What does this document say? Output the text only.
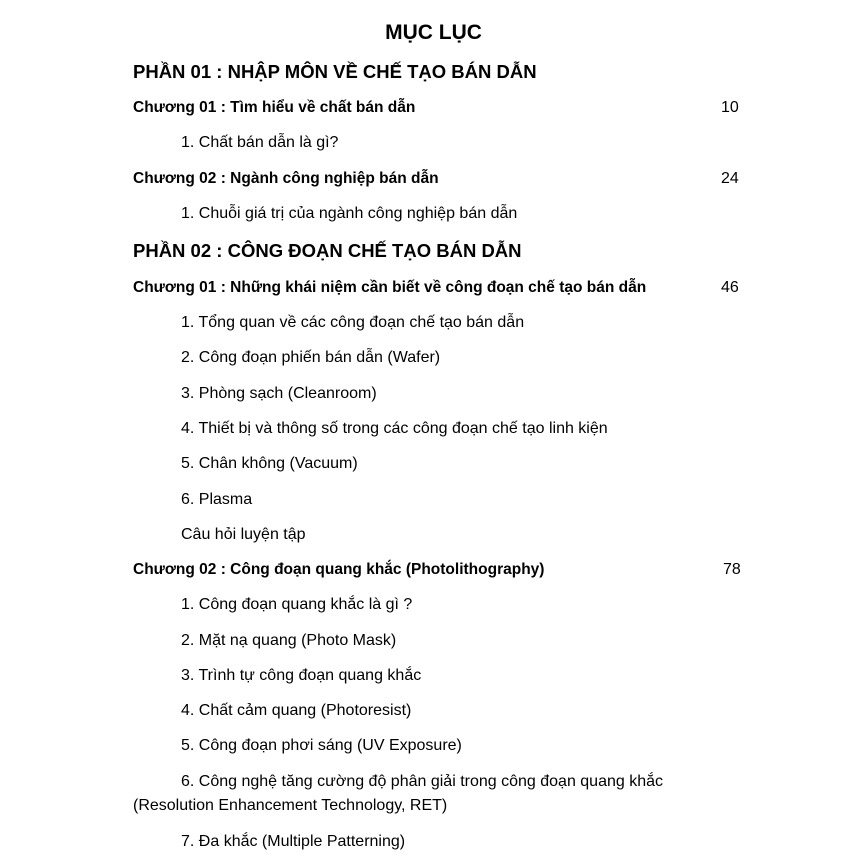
MỤC LỤC
PHẦN 01 : NHẬP MÔN VỀ CHẾ TẠO BÁN DẪN
Chương 01 : Tìm hiểu về chất bán dẫn	10
1. Chất bán dẫn là gì?
Chương 02 : Ngành công nghiệp bán dẫn	24
1. Chuỗi giá trị của ngành công nghiệp bán dẫn
PHẦN 02 : CÔNG ĐOẠN CHẾ TẠO BÁN DẪN
Chương 01 : Những khái niệm cần biết về công đoạn chế tạo bán dẫn	46
1. Tổng quan về các công đoạn chế tạo bán dẫn
2. Công đoạn phiến bán dẫn (Wafer)
3. Phòng sạch (Cleanroom)
4. Thiết bị và thông số trong các công đoạn chế tạo linh kiện
5. Chân không (Vacuum)
6. Plasma
Câu hỏi luyện tập
Chương 02 : Công đoạn quang khắc (Photolithography)	78
1. Công đoạn quang khắc là gì ?
2. Mặt nạ quang (Photo Mask)
3. Trình tự công đoạn quang khắc
4. Chất cảm quang (Photoresist)
5. Công đoạn phơi sáng (UV Exposure)
6. Công nghệ tăng cường độ phân giải trong công đoạn quang khắc
(Resolution Enhancement Technology, RET)
7. Đa khắc (Multiple Patterning)
